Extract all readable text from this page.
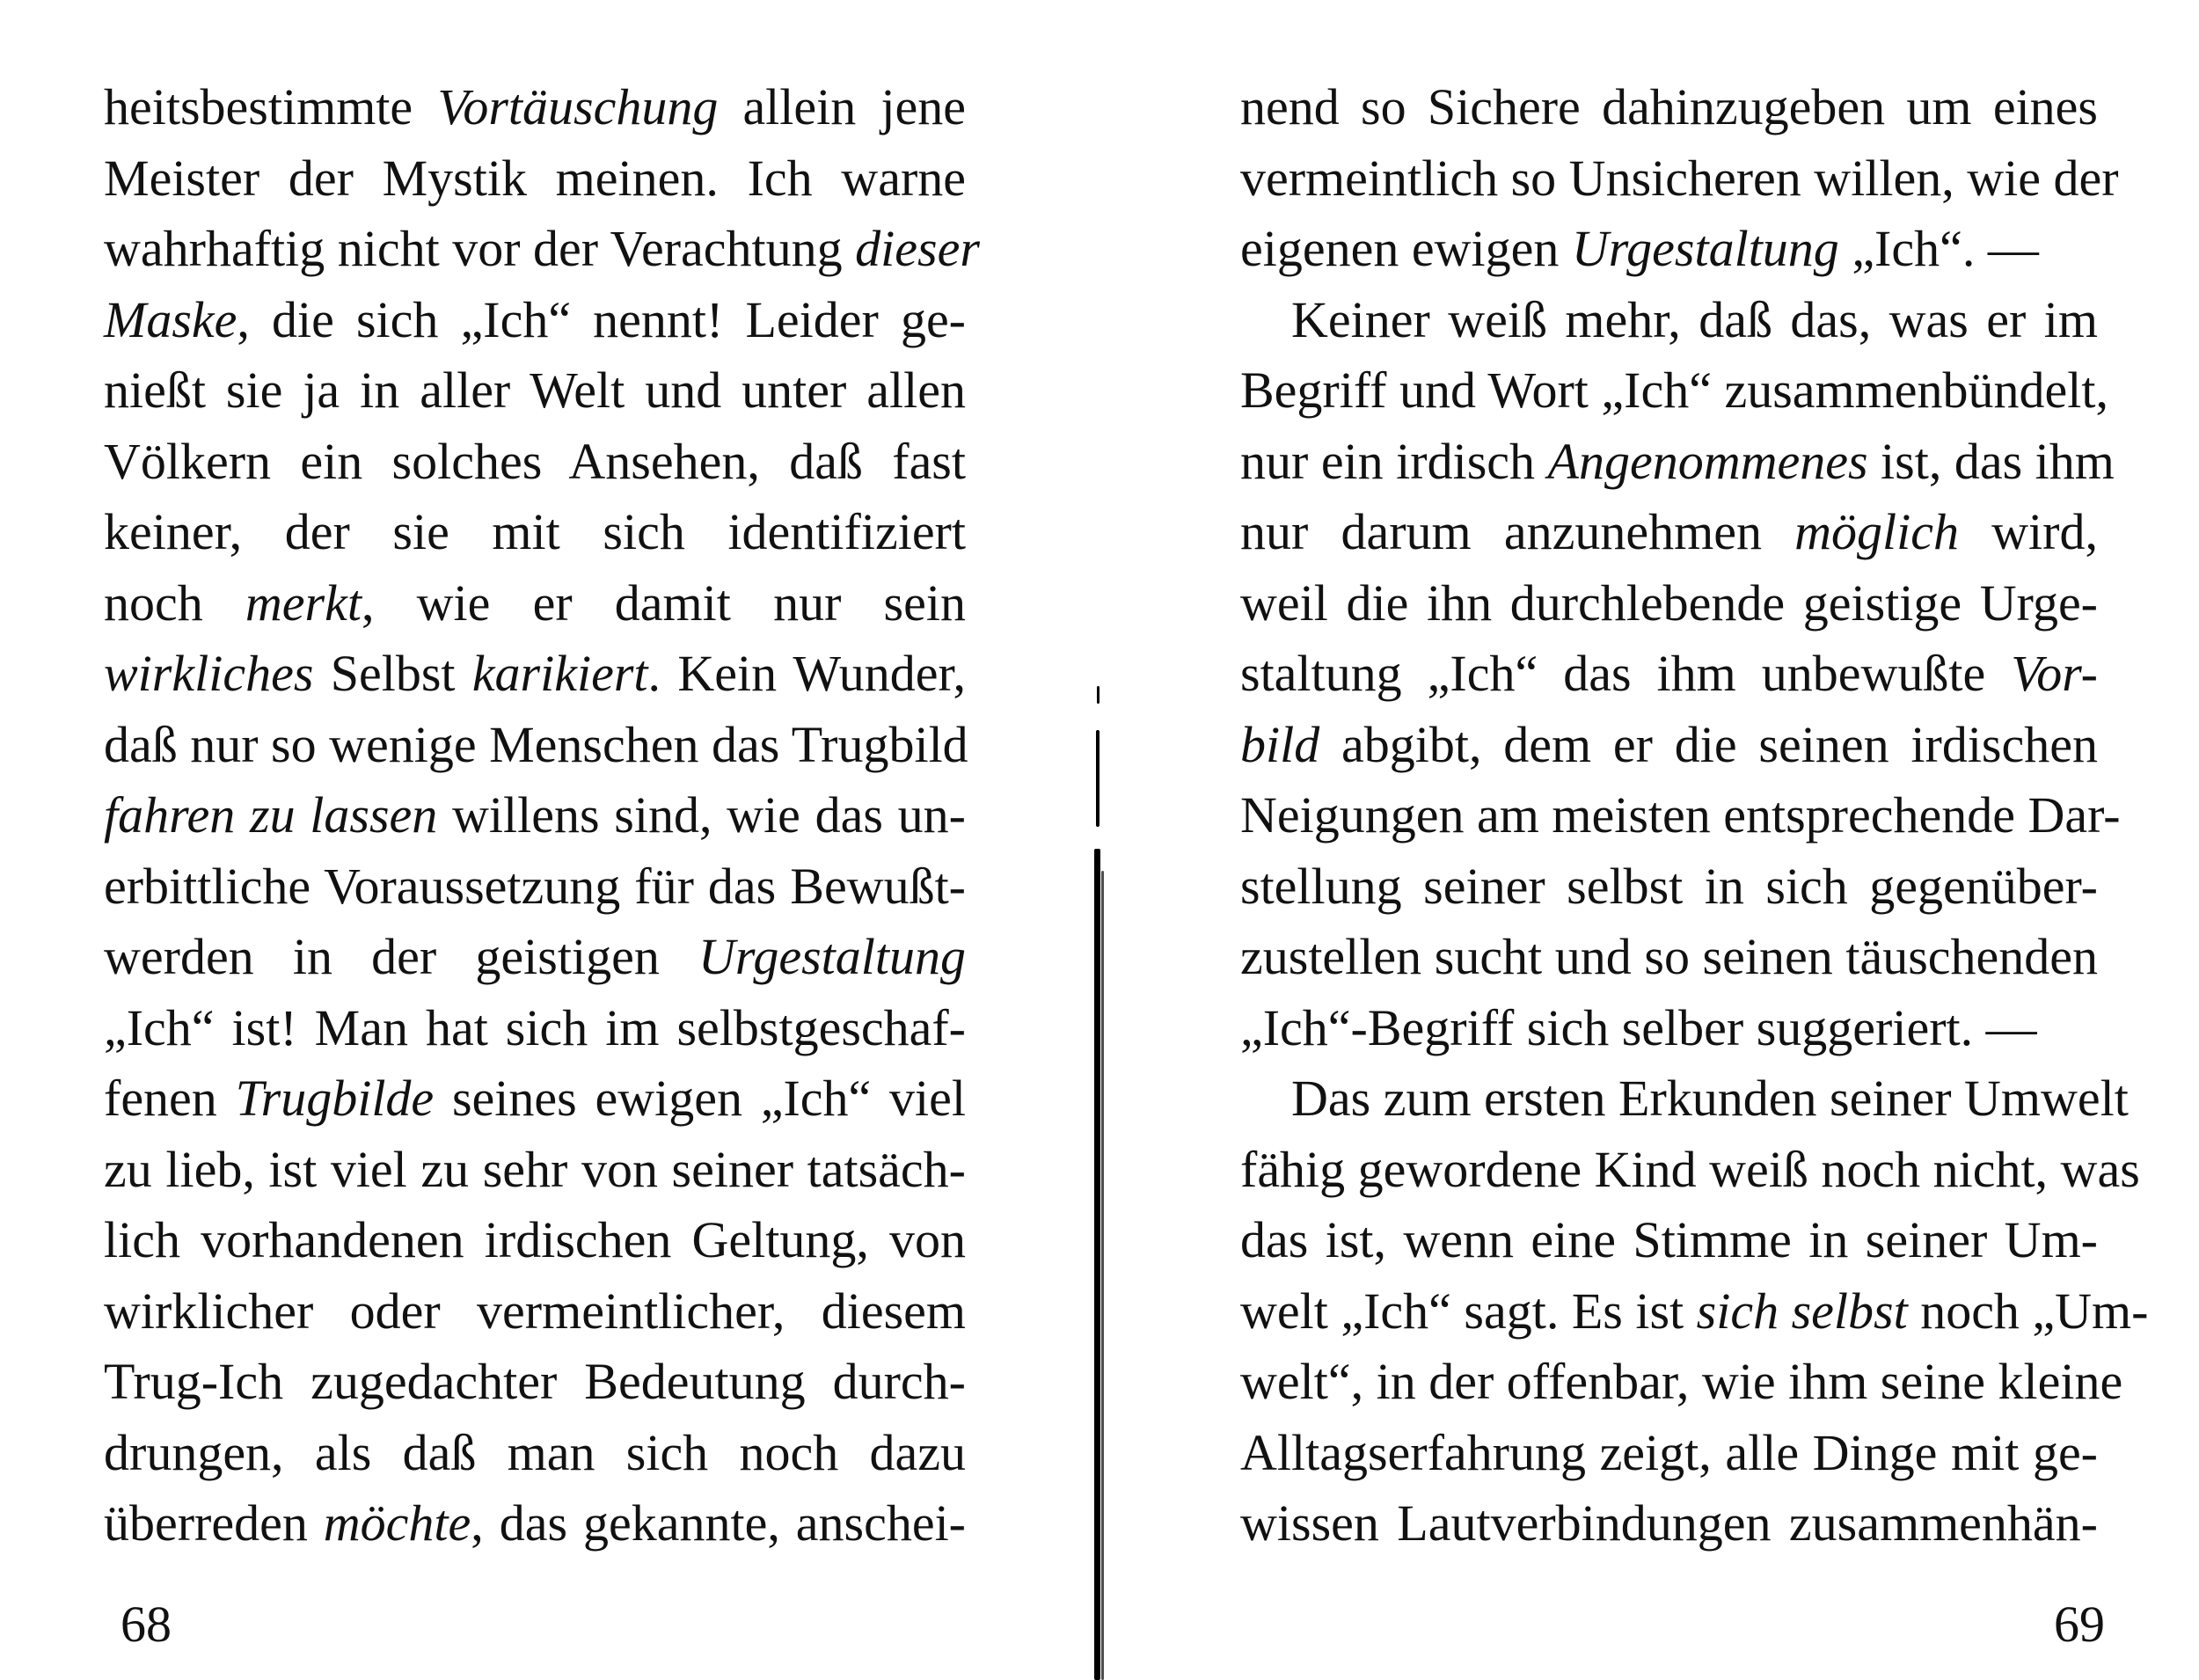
heitsbestimmte Vortäuschung allein jene
Meister der Mystik meinen. Ich warne
wahrhaftig nicht vor der Verachtung dieser
Maske, die sich „Ich“ nennt! Leider ge-
nießt sie ja in aller Welt und unter allen
Völkern ein solches Ansehen, daß fast
keiner, der sie mit sich identifiziert
noch merkt, wie er damit nur sein
wirkliches Selbst karikiert. Kein Wunder,
daß nur so wenige Menschen das Trugbild
fahren zu lassen willens sind, wie das un-
erbittliche Voraussetzung für das Bewußt-
werden in der geistigen Urgestaltung
„Ich“ ist! Man hat sich im selbstgeschaf-
fenen Trugbilde seines ewigen „Ich“ viel
zu lieb, ist viel zu sehr von seiner tatsäch-
lich vorhandenen irdischen Geltung, von
wirklicher oder vermeintlicher, diesem
Trug-Ich zugedachter Bedeutung durch-
drungen, als daß man sich noch dazu
überreden möchte, das gekannte, anschei-
68
nend so Sichere dahinzugeben um eines
vermeintlich so Unsicheren willen, wie der
eigenen ewigen Urgestaltung „Ich“. —
Keiner weiß mehr, daß das, was er im
Begriff und Wort „Ich“ zusammenbündelt,
nur ein irdisch Angenommenes ist, das ihm
nur darum anzunehmen möglich wird,
weil die ihn durchlebende geistige Urge-
staltung „Ich“ das ihm unbewußte Vor-
bild abgibt, dem er die seinen irdischen
Neigungen am meisten entsprechende Dar-
stellung seiner selbst in sich gegenüber-
zustellen sucht und so seinen täuschenden
„Ich“-Begriff sich selber suggeriert. —
Das zum ersten Erkunden seiner Umwelt
fähig gewordene Kind weiß noch nicht, was
das ist, wenn eine Stimme in seiner Um-
welt „Ich“ sagt. Es ist sich selbst noch „Um-
welt“, in der offenbar, wie ihm seine kleine
Alltagserfahrung zeigt, alle Dinge mit ge-
wissen Lautverbindungen zusammenhän-
69
